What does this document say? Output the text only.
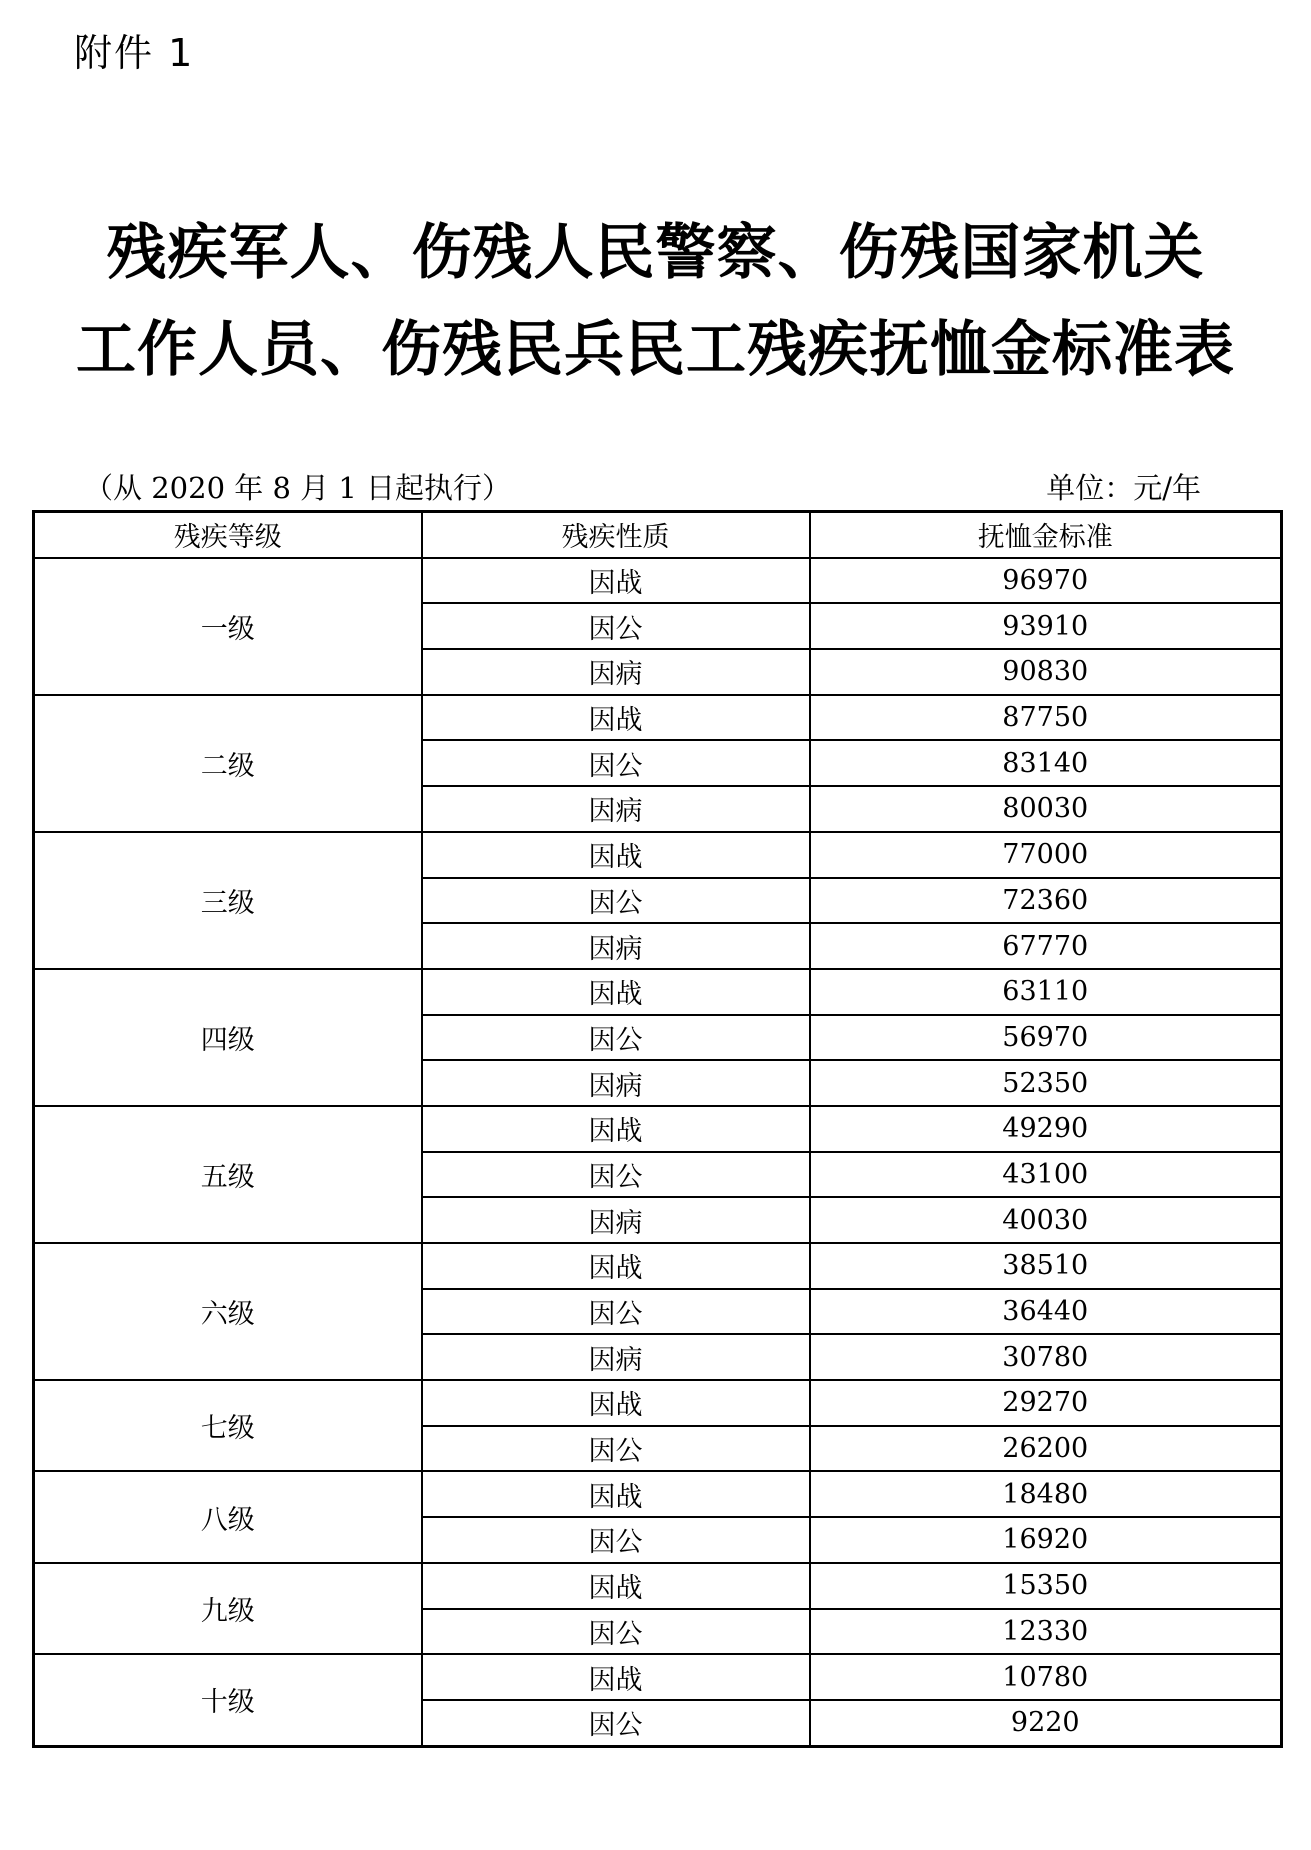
附件 1
残疾军人、伤残人民警察、伤残国家机关
工作人员、伤残民兵民工残疾抚恤金标准表
（从 2020 年 8 月 1 日起执行）	单位：元/年
残疾等级	残疾性质	抚恤金标准
一级	因战	96970
	因公	93910
	因病	90830
二级	因战	87750
	因公	83140
	因病	80030
三级	因战	77000
	因公	72360
	因病	67770
四级	因战	63110
	因公	56970
	因病	52350
五级	因战	49290
	因公	43100
	因病	40030
六级	因战	38510
	因公	36440
	因病	30780
七级	因战	29270
	因公	26200
八级	因战	18480
	因公	16920
九级	因战	15350
	因公	12330
十级	因战	10780
	因公	9220
